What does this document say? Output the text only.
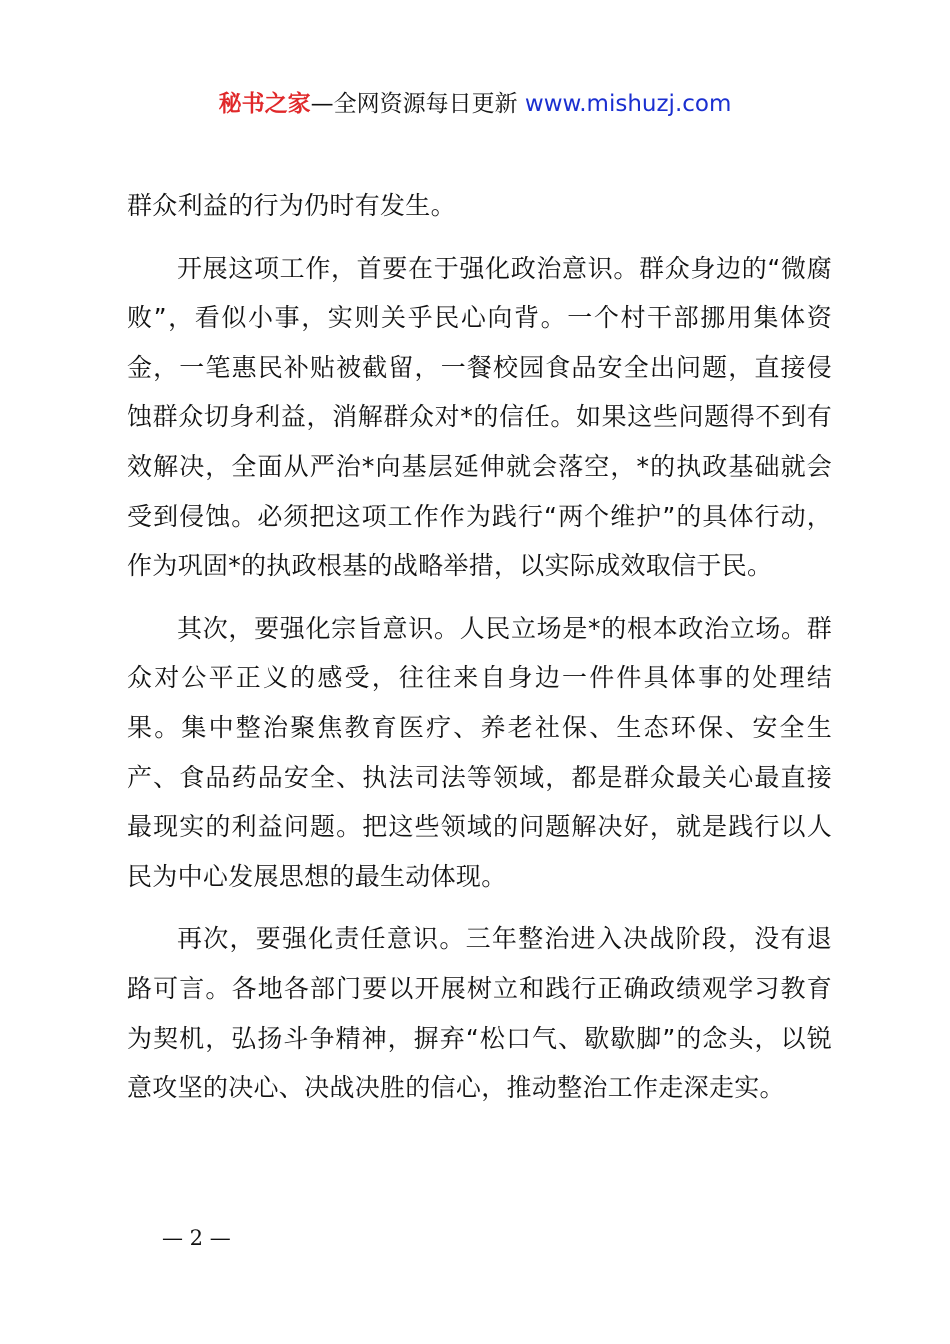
秘书之家—全网资源每日更新 www.mishuzj.com

群众利益的行为仍时有发生。

开展这项工作，首要在于强化政治意识。群众身边的“微腐败”，看似小事，实则关乎民心向背。一个村干部挪用集体资金，一笔惠民补贴被截留，一餐校园食品安全出问题，直接侵蚀群众切身利益，消解群众对*的信任。如果这些问题得不到有效解决，全面从严治*向基层延伸就会落空，*的执政基础就会受到侵蚀。必须把这项工作作为践行“两个维护”的具体行动，作为巩固*的执政根基的战略举措，以实际成效取信于民。

其次，要强化宗旨意识。人民立场是*的根本政治立场。群众对公平正义的感受，往往来自身边一件件具体事的处理结果。集中整治聚焦教育医疗、养老社保、生态环保、安全生产、食品药品安全、执法司法等领域，都是群众最关心最直接最现实的利益问题。把这些领域的问题解决好，就是践行以人民为中心发展思想的最生动体现。

再次，要强化责任意识。三年整治进入决战阶段，没有退路可言。各地各部门要以开展树立和践行正确政绩观学习教育为契机，弘扬斗争精神，摒弃“松口气、歇歇脚”的念头，以锐意攻坚的决心、决战决胜的信心，推动整治工作走深走实。

— 2 —
